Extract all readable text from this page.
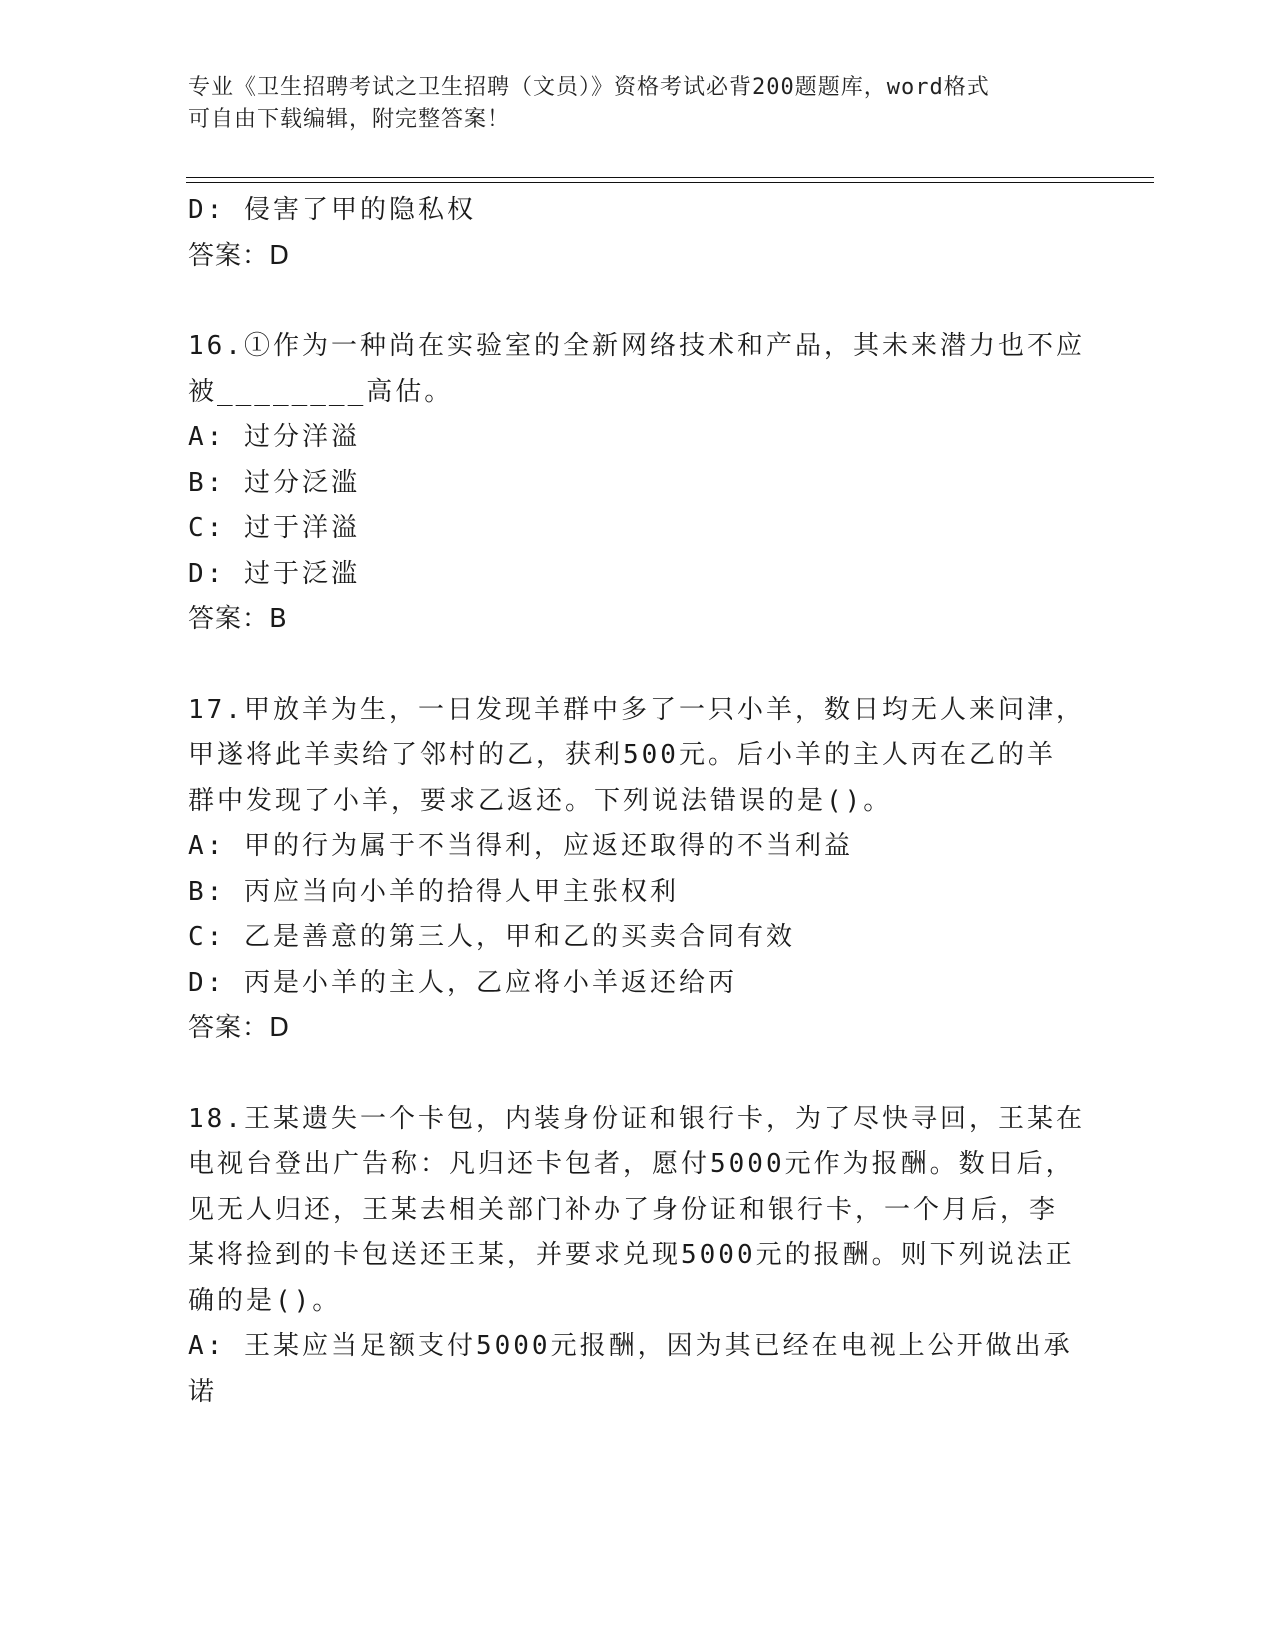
专业《卫生招聘考试之卫生招聘（文员）》资格考试必背200题题库，word格式
可自由下载编辑，附完整答案！
D: 侵害了甲的隐私权
答案：D
16.①作为一种尚在实验室的全新网络技术和产品，其未来潜力也不应
被________高估。
A: 过分洋溢
B: 过分泛滥
C: 过于洋溢
D: 过于泛滥
答案：B
17.甲放羊为生，一日发现羊群中多了一只小羊，数日均无人来问津，
甲遂将此羊卖给了邻村的乙，获利500元。后小羊的主人丙在乙的羊
群中发现了小羊，要求乙返还。下列说法错误的是()。
A: 甲的行为属于不当得利，应返还取得的不当利益
B: 丙应当向小羊的拾得人甲主张权利
C: 乙是善意的第三人，甲和乙的买卖合同有效
D: 丙是小羊的主人，乙应将小羊返还给丙
答案：D
18.王某遗失一个卡包，内装身份证和银行卡，为了尽快寻回，王某在
电视台登出广告称：凡归还卡包者，愿付5000元作为报酬。数日后，
见无人归还，王某去相关部门补办了身份证和银行卡，一个月后，李
某将捡到的卡包送还王某，并要求兑现5000元的报酬。则下列说法正
确的是()。
A: 王某应当足额支付5000元报酬，因为其已经在电视上公开做出承
诺
